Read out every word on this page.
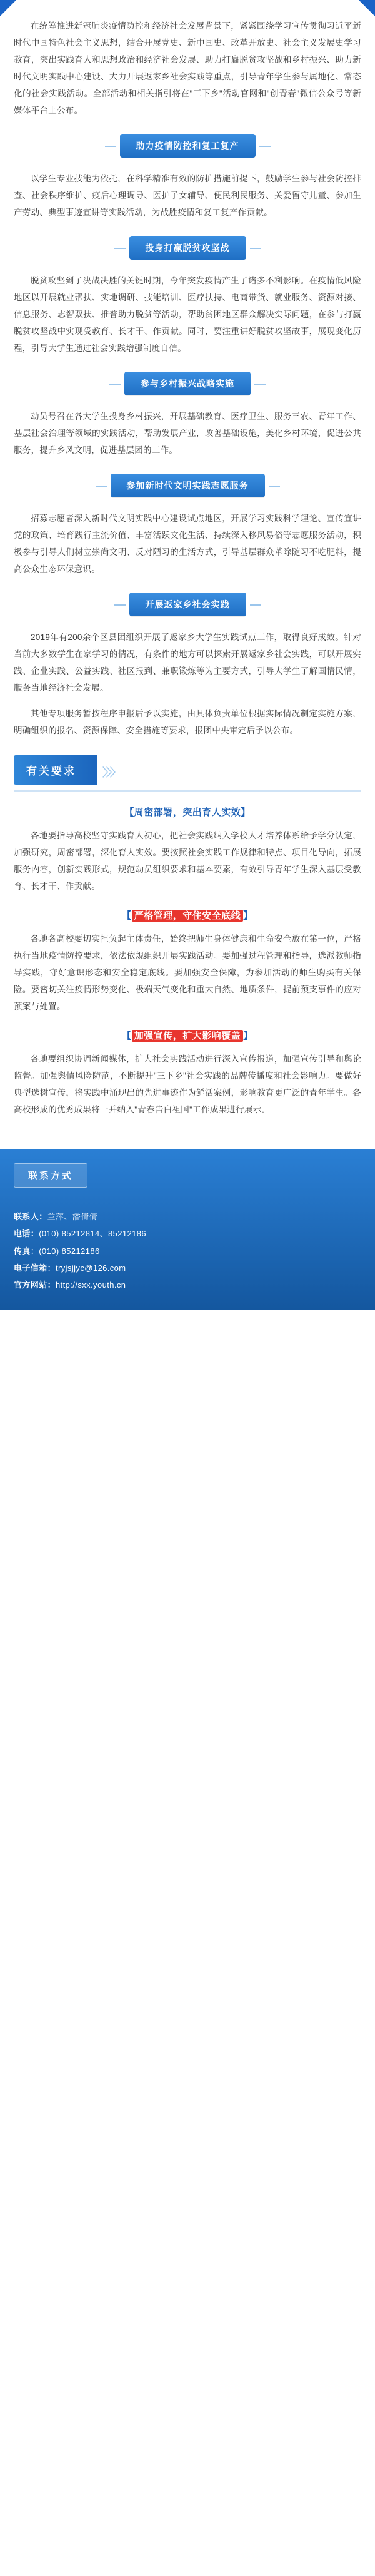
在统筹推进新冠肺炎疫情防控和经济社会发展背景下，紧紧围绕学习宣传贯彻习近平新时代中国特色社会主义思想，结合开展党史、新中国史、改革开放史、社会主义发展史学习教育，突出实践育人和思想政治和经济社会发展、助力打赢脱贫攻坚战和乡村振兴、助力新时代文明实践中心建设、大力开展返家乡社会实践等重点，引导青年学生参与属地化、常态化的社会实践活动。全部活动和相关指引将在"三下乡"活动官网和"创青春"微信公众号等新媒体平台上公布。

助力疫情防控和复工复产

以学生专业技能为依托，在科学精准有效的防护措施前提下，鼓励学生参与社会防控排查、社会秩序维护、疫后心理调导、医护子女辅导、便民利民服务、关爱留守儿童、参加生产劳动、典型事迹宣讲等实践活动，为战胜疫情和复工复产作贡献。

投身打赢脱贫攻坚战

脱贫攻坚到了决战决胜的关键时期，今年突发疫情产生了诸多不利影响。在疫情低风险地区以开展就业帮扶、实地调研、技能培训、医疗扶持、电商带货、就业服务、资源对接、信息服务、志智双扶、推普助力脱贫等活动，帮助贫困地区群众解决实际问题，在参与打赢脱贫攻坚战中实现受教育、长才干、作贡献。同时，要注重讲好脱贫攻坚故事，展现变化历程，引导大学生通过社会实践增强制度自信。

参与乡村振兴战略实施

动员号召在各大学生投身乡村振兴，开展基础教育、医疗卫生、服务三农、青年工作、基层社会治理等领域的实践活动，帮助发展产业，改善基础设施，美化乡村环境，促进公共服务，提升乡风文明，促进基层团的工作。

参加新时代文明实践志愿服务

招募志愿者深入新时代文明实践中心建设试点地区，开展学习实践科学理论、宣传宣讲党的政策、培育践行主流价值、丰富活跃文化生活、持续深入移风易俗等志愿服务活动，积极参与引导人们树立崇尚文明、反对陋习的生活方式，引导基层群众革除随习不吃肥料，提高公众生态环保意识。

开展返家乡社会实践

2019年有200余个区县团组织开展了返家乡大学生实践试点工作，取得良好成效。针对当前大多数学生在家学习的情况，有条件的地方可以探索开展返家乡社会实践，可以开展实践、企业实践、公益实践、社区报到、兼职锻炼等为主要方式，引导大学生了解国情民情，服务当地经济社会发展。

其他专项服务暂按程序申报后予以实施，由具体负责单位根据实际情况制定实施方案，明确组织的报名、资源保障、安全措施等要求，报团中央审定后予以公布。

有关要求 〉〉〉
【周密部署，突出育人实效】

各地要指导高校坚守实践育人初心，把社会实践纳入学校人才培养体系给予学分认定，加强研究，周密部署，深化育人实效。要按照社会实践工作规律和特点、项目化导向，拓展服务内容，创新实践形式，规范动员组织要求和基本要素，有效引导青年学生深入基层受教育、长才干、作贡献。

【 严格管理，守住安全底线 】

各地各高校要切实担负起主体责任，始终把师生身体健康和生命安全放在第一位，严格执行当地疫情防控要求，依法依规组织开展实践活动。要加强过程管理和指导，选派教师指导实践，守好意识形态和安全稳定底线。要加强安全保障，为参加活动的师生购买有关保险。要密切关注疫情形势变化、极端天气变化和重大自然、地质条件，提前预支事件的应对预案与处置。

【 加强宣传，扩大影响覆盖 】

各地要组织协调新闻媒体，扩大社会实践活动进行深入宣传报道，加强宣传引导和舆论监督。加强舆情风险防范，不断提升"三下乡"社会实践的品牌传播度和社会影响力。要做好典型选树宣传，将实践中涌现出的先进事迹作为鲜活案例，影响教育更广泛的青年学生。各高校形成的优秀成果将一并纳入"青春告白祖国"工作成果进行展示。

联系方式
联系人：兰萍、潘倩倩
电话：(010) 85212814、85212186
传真：(010) 85212186
电子信箱：tryjsjjyc@126.com
官方网站：http://sxx.youth.cn
